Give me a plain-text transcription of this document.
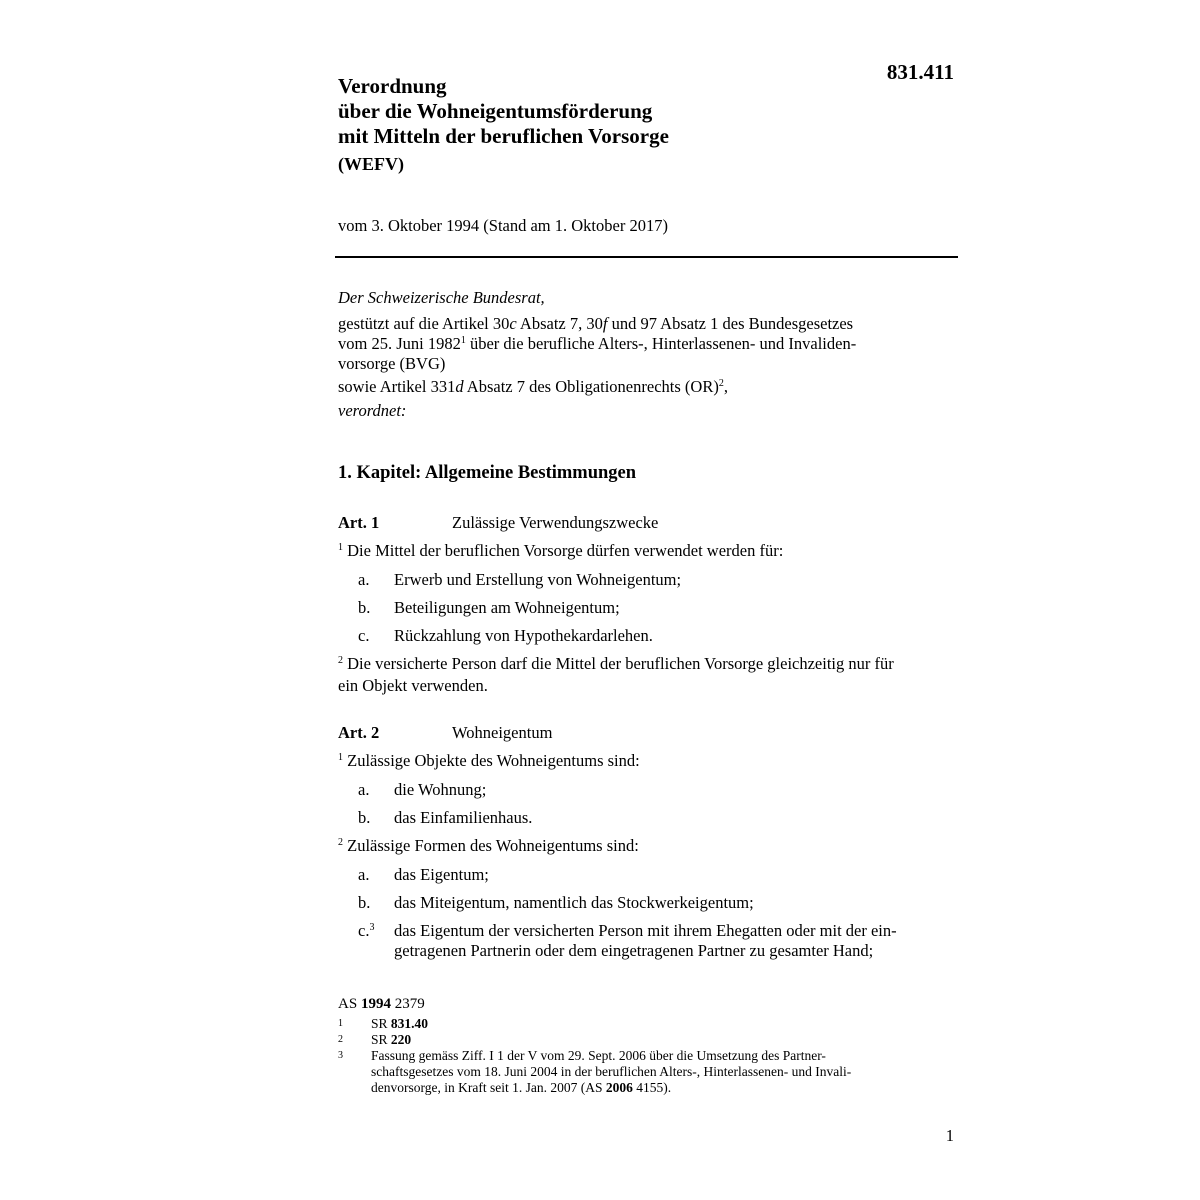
831.411
Verordnung
über die Wohneigentumsförderung
mit Mitteln der beruflichen Vorsorge
(WEFV)
vom 3. Oktober 1994 (Stand am 1. Oktober 2017)
Der Schweizerische Bundesrat,
gestützt auf die Artikel 30c Absatz 7, 30f und 97 Absatz 1 des Bundesgesetzes
vom 25. Juni 1982$^1$ über die berufliche Alters-, Hinterlassenen- und Invaliden-
vorsorge (BVG)
sowie Artikel 331d Absatz 7 des Obligationenrechts (OR)$^2$,
verordnet:
1. Kapitel: Allgemeine Bestimmungen
Art. 1	Zulässige Verwendungszwecke
$^1$ Die Mittel der beruflichen Vorsorge dürfen verwendet werden für:
a. Erwerb und Erstellung von Wohneigentum;
b. Beteiligungen am Wohneigentum;
c. Rückzahlung von Hypothekardarlehen.
$^2$ Die versicherte Person darf die Mittel der beruflichen Vorsorge gleichzeitig nur für
ein Objekt verwenden.
Art. 2	Wohneigentum
$^1$ Zulässige Objekte des Wohneigentums sind:
a. die Wohnung;
b. das Einfamilienhaus.
$^2$ Zulässige Formen des Wohneigentums sind:
a. das Eigentum;
b. das Miteigentum, namentlich das Stockwerkeigentum;
c.$^3$ das Eigentum der versicherten Person mit ihrem Ehegatten oder mit der ein-
getragenen Partnerin oder dem eingetragenen Partner zu gesamter Hand;
AS 1994 2379
1 SR 831.40
2 SR 220
3 Fassung gemäss Ziff. I 1 der V vom 29. Sept. 2006 über die Umsetzung des Partner-
schaftsgesetzes vom 18. Juni 2004 in der beruflichen Alters-, Hinterlassenen- und Invali-
denvorsorge, in Kraft seit 1. Jan. 2007 (AS 2006 4155).
1
